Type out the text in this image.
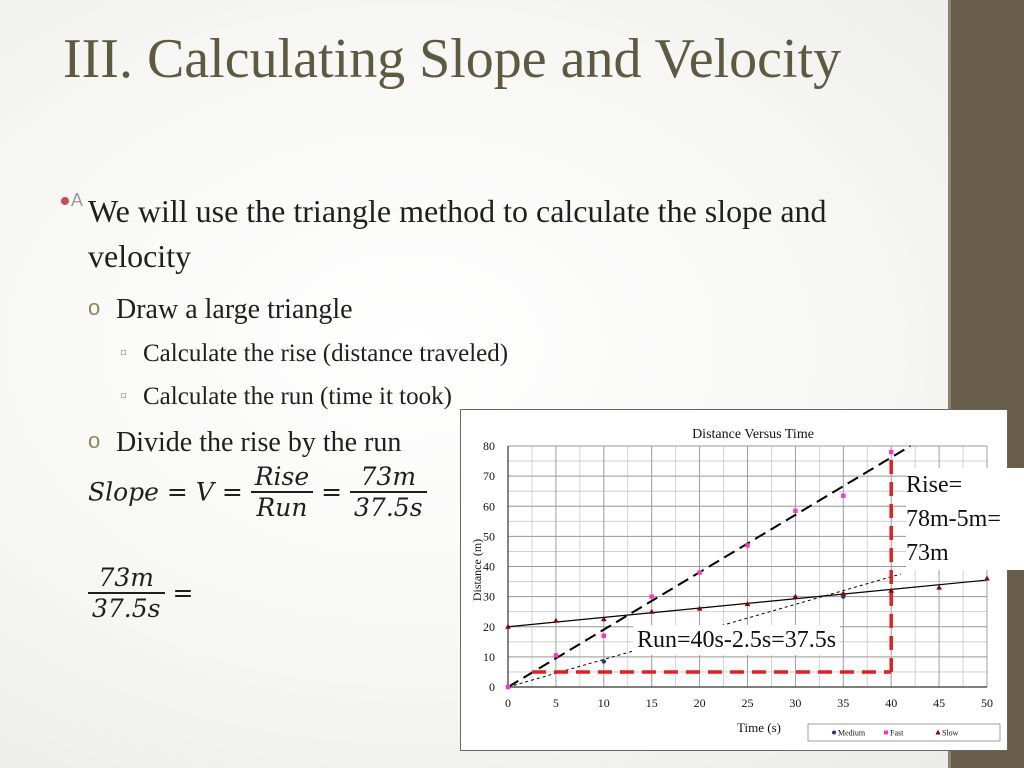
III. Calculating Slope and Velocity
A We will use the triangle method to calculate the slope and velocity
o Draw a large triangle
¤ Calculate the rise (distance traveled)
¤ Calculate the run (time it took)
o Divide the rise by the run
Slope = $V = \frac{\text{Rise}}{\text{Run}} = \frac{73m}{37.5s}$
$\frac{73m}{37.5s}$ =
0	5	10	15	20	25	30	35	40	45	50
0
10
20
30
40
50
60
70
80
Distance Versus Time
Time (s)
Distance (m)
Medium	Fast	Slow
Rise=
78m-5m=
73m
Run=40s-2.5s=37.5s
